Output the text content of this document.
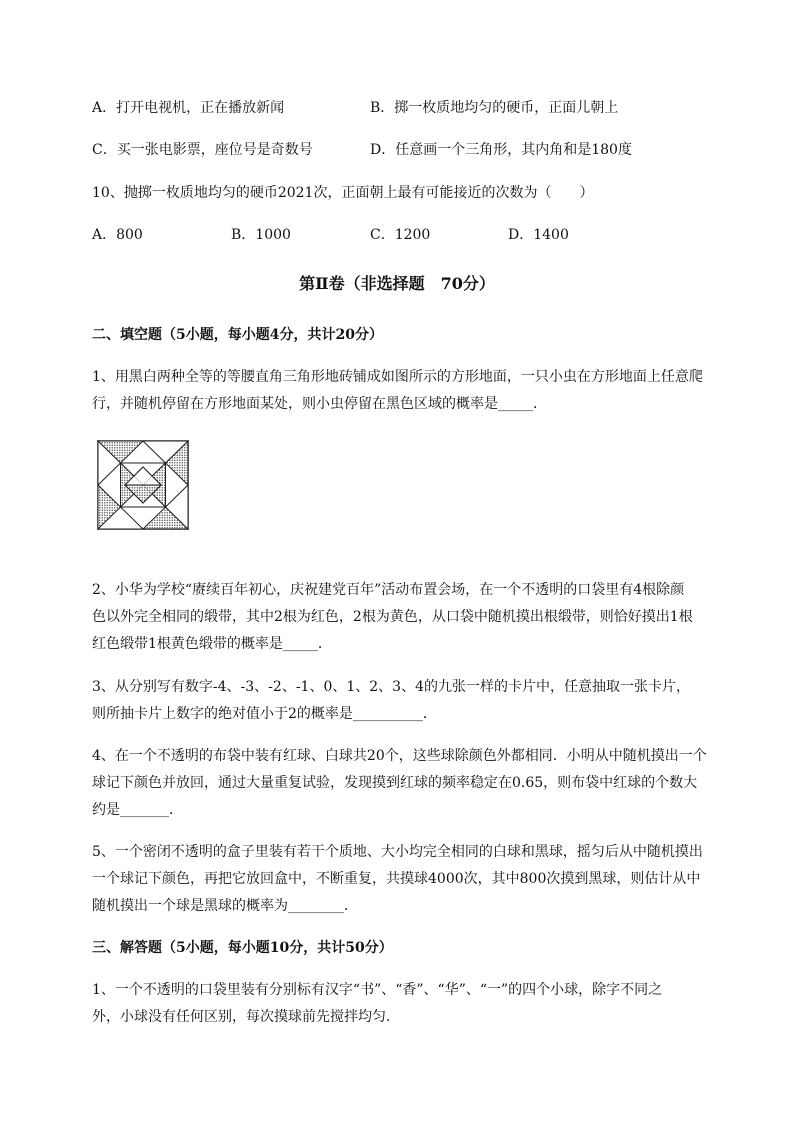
A．打开电视机，正在播放新闻	B．掷一枚质地均匀的硬币，正面儿朝上
C．买一张电影票，座位号是奇数号	D．任意画一个三角形，其内角和是180度
10、抛掷一枚质地均匀的硬币2021次，正面朝上最有可能接近的次数为（　　）
A．800	B．1000	C．1200	D．1400
第Ⅱ卷（非选择题　70分）
二、填空题（5小题，每小题4分，共计20分）
1、用黑白两种全等的等腰直角三角形地砖铺成如图所示的方形地面，一只小虫在方形地面上任意爬
行，并随机停留在方形地面某处，则小虫停留在黑色区域的概率是_____．
2、小华为学校“赓续百年初心，庆祝建党百年”活动布置会场，在一个不透明的口袋里有4根除颜
色以外完全相同的缎带，其中2根为红色，2根为黄色，从口袋中随机摸出根缎带，则恰好摸出1根
红色缎带1根黄色缎带的概率是_____．
3、从分别写有数字-4、-3、-2、-1、0、1、2、3、4的九张一样的卡片中，任意抽取一张卡片，
则所抽卡片上数字的绝对值小于2的概率是__________．
4、在一个不透明的布袋中装有红球、白球共20个，这些球除颜色外都相同．小明从中随机摸出一个
球记下颜色并放回，通过大量重复试验，发现摸到红球的频率稳定在0.65，则布袋中红球的个数大
约是_______．
5、一个密闭不透明的盒子里装有若干个质地、大小均完全相同的白球和黑球，摇匀后从中随机摸出
一个球记下颜色，再把它放回盒中，不断重复，共摸球4000次，其中800次摸到黑球，则估计从中
随机摸出一个球是黑球的概率为________．
三、解答题（5小题，每小题10分，共计50分）
1、一个不透明的口袋里装有分别标有汉字“书”、“香”、“华”、“一”的四个小球，除字不同之
外，小球没有任何区别，每次摸球前先搅拌均匀．
